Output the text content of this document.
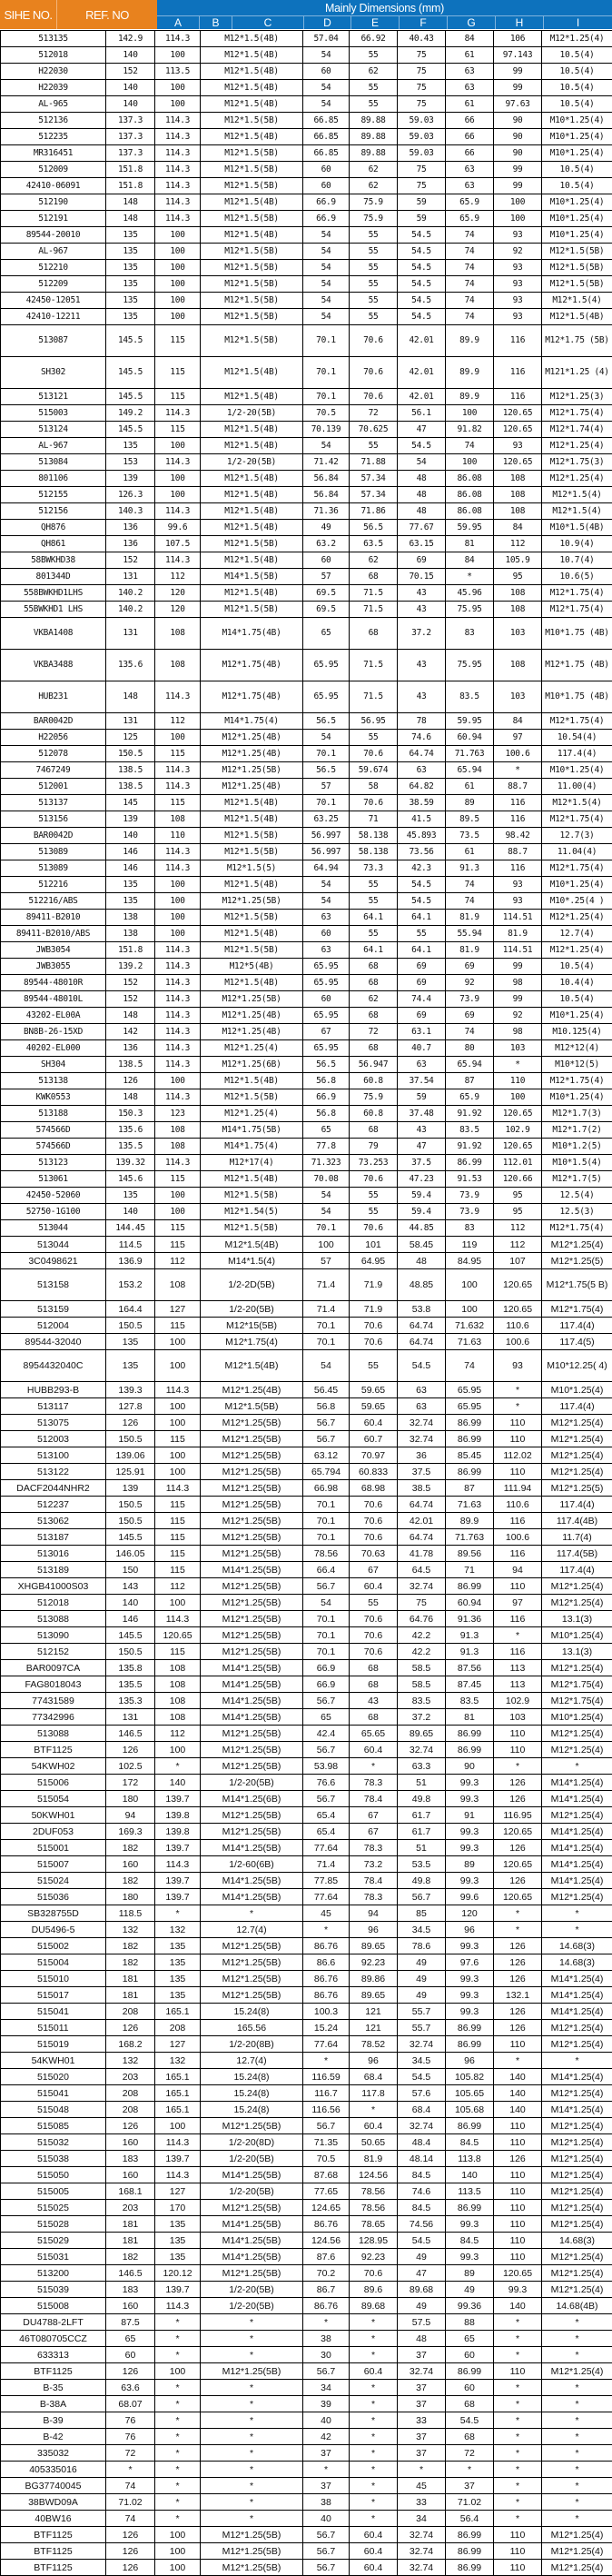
SIHE NO.	REF. NO	Mainly Dimensions (mm)
A	B	C	D	E	F	G	H	I
513135	142.9	114.3	M12*1.5(4B)	57.04	66.92	40.43	84	106	M12*1.25(4)
512018	140	100	M12*1.5(4B)	54	55	75	61	97.143	10.5(4)
H22030	152	113.5	M12*1.5(4B)	60	62	75	63	99	10.5(4)
H22039	140	100	M12*1.5(4B)	54	55	75	63	99	10.5(4)
AL-965	140	100	M12*1.5(4B)	54	55	75	61	97.63	10.5(4)
512136	137.3	114.3	M12*1.5(5B)	66.85	89.88	59.03	66	90	M10*1.25(4)
512235	137.3	114.3	M12*1.5(4B)	66.85	89.88	59.03	66	90	M10*1.25(4)
MR316451	137.3	114.3	M12*1.5(5B)	66.85	89.88	59.03	66	90	M10*1.25(4)
512009	151.8	114.3	M12*1.5(5B)	60	62	75	63	99	10.5(4)
42410-06091	151.8	114.3	M12*1.5(5B)	60	62	75	63	99	10.5(4)
512190	148	114.3	M12*1.5(4B)	66.9	75.9	59	65.9	100	M10*1.25(4)
512191	148	114.3	M12*1.5(5B)	66.9	75.9	59	65.9	100	M10*1.25(4)
89544-20010	135	100	M12*1.5(4B)	54	55	54.5	74	93	M10*1.25(4)
AL-967	135	100	M12*1.5(5B)	54	55	54.5	74	92	M12*1.5(5B)
512210	135	100	M12*1.5(5B)	54	55	54.5	74	93	M12*1.5(5B)
512209	135	100	M12*1.5(5B)	54	55	54.5	74	93	M12*1.5(5B)
42450-12051	135	100	M12*1.5(5B)	54	55	54.5	74	93	M12*1.5(4)
42410-12211	135	100	M12*1.5(5B)	54	55	54.5	74	93	M12*1.5(4B)
513087	145.5	115	M12*1.5(5B)	70.1	70.6	42.01	89.9	116	M12*1.75 (5B)
SH302	145.5	115	M12*1.5(4B)	70.1	70.6	42.01	89.9	116	M121*1.25 (4)
513121	145.5	115	M12*1.5(4B)	70.1	70.6	42.01	89.9	116	M12*1.25(3)
515003	149.2	114.3	1/2-20(5B)	70.5	72	56.1	100	120.65	M12*1.75(4)
513124	145.5	115	M12*1.5(4B)	70.139	70.625	47	91.82	120.65	M12*1.74(4)
AL-967	135	100	M12*1.5(4B)	54	55	54.5	74	93	M12*1.25(4)
513084	153	114.3	1/2-20(5B)	71.42	71.88	54	100	120.65	M12*1.75(3)
801106	139	100	M12*1.5(4B)	56.84	57.34	48	86.08	108	M12*1.25(4)
512155	126.3	100	M12*1.5(4B)	56.84	57.34	48	86.08	108	M12*1.5(4)
512156	140.3	114.3	M12*1.5(4B)	71.36	71.86	48	86.08	108	M12*1.5(4)
QH876	136	99.6	M12*1.5(4B)	49	56.5	77.67	59.95	84	M10*1.5(4B)
QH861	136	107.5	M12*1.5(5B)	63.2	63.5	63.15	81	112	10.9(4)
58BWKHD38	152	114.3	M12*1.5(4B)	60	62	69	84	105.9	10.7(4)
801344D	131	112	M14*1.5(5B)	57	68	70.15	*	95	10.6(5)
558BWKHD1LHS	140.2	120	M12*1.5(4B)	69.5	71.5	43	45.96	108	M12*1.75(4)
55BWKHD1 LHS	140.2	120	M12*1.5(5B)	69.5	71.5	43	75.95	108	M12*1.75(4)
VKBA1408	131	108	M14*1.75(4B)	65	68	37.2	83	103	M10*1.75 (4B)
VKBA3488	135.6	108	M12*1.75(4B)	65.95	71.5	43	75.95	108	M12*1.75 (4B)
HUB231	148	114.3	M12*1.75(4B)	65.95	71.5	43	83.5	103	M10*1.75 (4B)
BAR0042D	131	112	M14*1.75(4)	56.5	56.95	78	59.95	84	M12*1.75(4)
H22056	125	100	M12*1.25(4B)	54	55	74.6	60.94	97	10.54(4)
512078	150.5	115	M12*1.25(4B)	70.1	70.6	64.74	71.763	100.6	117.4(4)
7467249	138.5	114.3	M12*1.25(5B)	56.5	59.674	63	65.94	*	M10*1.25(4)
512001	138.5	114.3	M12*1.25(4B)	57	58	64.82	61	88.7	11.00(4)
513137	145	115	M12*1.5(4B)	70.1	70.6	38.59	89	116	M12*1.5(4)
513156	139	108	M12*1.5(4B)	63.25	71	41.5	89.5	116	M12*1.75(4)
BAR0042D	140	110	M12*1.5(5B)	56.997	58.138	45.893	73.5	98.42	12.7(3)
513089	146	114.3	M12*1.5(5B)	56.997	58.138	73.56	61	88.7	11.04(4)
513089	146	114.3	M12*1.5(5)	64.94	73.3	42.3	91.3	116	M12*1.75(4)
512216	135	100	M12*1.5(4B)	54	55	54.5	74	93	M10*1.25(4)
512216/ABS	135	100	M12*1.25(5B)	54	55	54.5	74	93	M10*.25(4 )
89411-B2010	138	100	M12*1.5(5B)	63	64.1	64.1	81.9	114.51	M12*1.25(4)
89411-B2010/ABS	138	100	M12*1.5(4B)	60	55	55	55.94	81.9	12.7(4)
JWB3054	151.8	114.3	M12*1.5(5B)	63	64.1	64.1	81.9	114.51	M12*1.25(4)
JWB3055	139.2	114.3	M12*5(4B)	65.95	68	69	69	99	10.5(4)
89544-48010R	152	114.3	M12*1.5(4B)	65.95	68	69	92	98	10.4(4)
89544-48010L	152	114.3	M12*1.25(5B)	60	62	74.4	73.9	99	10.5(4)
43202-EL00A	148	114.3	M12*1.25(4B)	65.95	68	69	69	92	M10*1.25(4)
BN8B-26-15XD	142	114.3	M12*1.25(4B)	67	72	63.1	74	98	M10.125(4)
40202-EL000	136	114.3	M12*1.25(4)	65.95	68	40.7	80	103	M12*12(4)
SH304	138.5	114.3	M12*1.25(6B)	56.5	56.947	63	65.94	*	M10*12(5)
513138	126	100	M12*1.5(4B)	56.8	60.8	37.54	87	110	M12*1.75(4)
KWK0553	148	114.3	M12*1.5(5B)	66.9	75.9	59	65.9	100	M10*1.25(4)
513188	150.3	123	M12*1.25(4)	56.8	60.8	37.48	91.92	120.65	M12*1.7(3)
574566D	135.6	108	M14*1.75(5B)	65	68	43	83.5	102.9	M12*1.7(2)
574566D	135.5	108	M14*1.75(4)	77.8	79	47	91.92	120.65	M10*1.2(5)
513123	139.32	114.3	M12*17(4)	71.323	73.253	37.5	86.99	112.01	M10*1.5(4)
513061	145.6	115	M12*1.5(4B)	70.08	70.6	47.23	91.53	120.66	M12*1.7(5)
42450-52060	135	100	M12*1.5(5B)	54	55	59.4	73.9	95	12.5(4)
52750-1G100	140	100	M12*1.54(5)	54	55	59.4	73.9	95	12.5(3)
513044	144.45	115	M12*1.5(5B)	70.1	70.6	44.85	83	112	M12*1.75(4)
513044	114.5	115	M12*1.5(4B)	100	101	58.45	119	112	M12*1.25(4)
3C0498621	136.9	112	M14*1.5(4)	57	64.95	48	84.95	107	M12*1.25(5)
513158	153.2	108	1/2-2D(5B)	71.4	71.9	48.85	100	120.65	M12*1.75(5 B)
513159	164.4	127	1/2-20(5B)	71.4	71.9	53.8	100	120.65	M12*1.75(4)
512004	150.5	115	M12*15(5B)	70.1	70.6	64.74	71.632	110.6	117.4(4)
89544-32040	135	100	M12*1.75(4)	70.1	70.6	64.74	71.63	100.6	117.4(5)
8954432040C	135	100	M12*1.5(4B)	54	55	54.5	74	93	M10*12.25( 4)
HUBB293-B	139.3	114.3	M12*1.25(4B)	56.45	59.65	63	65.95	*	M10*1.25(4)
513117	127.8	100	M12*1.5(5B)	56.8	59.65	63	65.95	*	117.4(4)
513075	126	100	M12*1.25(5B)	56.7	60.4	32.74	86.99	110	M12*1.25(4)
512003	150.5	115	M12*1.25(5B)	56.7	60.7	32.74	86.99	110	M12*1.25(4)
513100	139.06	100	M12*1.25(5B)	63.12	70.97	36	85.45	112.02	M12*1.25(4)
513122	125.91	100	M12*1.25(5B)	65.794	60.833	37.5	86.99	110	M12*1.25(4)
DACF2044NHR2	139	114.3	M12*1.25(5B)	66.98	68.98	38.5	87	111.94	M12*1.25(5)
512237	150.5	115	M12*1.25(5B)	70.1	70.6	64.74	71.63	110.6	117.4(4)
513062	150.5	115	M12*1.25(5B)	70.1	70.6	42.01	89.9	116	117.4(4B)
513187	145.5	115	M12*1.25(5B)	70.1	70.6	64.74	71.763	100.6	11.7(4)
513016	146.05	115	M12*1.25(5B)	78.56	70.63	41.78	89.56	116	117.4(5B)
513189	150	115	M14*1.25(5B)	66.4	67	64.5	71	94	117.4(4)
XHGB41000S03	143	112	M12*1.25(5B)	56.7	60.4	32.74	86.99	110	M12*1.25(4)
512018	140	100	M12*1.25(5B)	54	55	75	60.94	97	M12*1.25(4)
513088	146	114.3	M12*1.25(5B)	70.1	70.6	64.76	91.36	116	13.1(3)
513090	145.5	120.65	M12*1.25(5B)	70.1	70.6	42.2	91.3	*	M10*1.25(4)
512152	150.5	115	M12*1.25(5B)	70.1	70.6	42.2	91.3	116	13.1(3)
BAR0097CA	135.8	108	M14*1.25(5B)	66.9	68	58.5	87.56	113	M12*1.25(4)
FAG8018043	135.5	108	M14*1.25(5B)	66.9	68	58.5	87.45	113	M12*1.75(4)
77431589	135.3	108	M14*1.25(5B)	56.7	43	83.5	83.5	102.9	M12*1.75(4)
77342996	131	108	M14*1.25(5B)	65	68	37.2	81	103	M10*1.25(4)
513088	146.5	112	M12*1.25(5B)	42.4	65.65	89.65	86.99	110	M12*1.25(4)
BTF1125	126	100	M12*1.25(5B)	56.7	60.4	32.74	86.99	110	M12*1.25(4)
54KWH02	102.5	*	M12*1.25(5B)	53.98	*	63.3	90	*	*
515006	172	140	1/2-20(5B)	76.6	78.3	51	99.3	126	M14*1.25(4)
515054	180	139.7	M14*1.25(6B)	56.7	78.4	49.8	99.3	126	M14*1.25(4)
50KWH01	94	139.8	M12*1.25(5B)	65.4	67	61.7	91	116.95	M12*1.25(4)
2DUF053	169.3	139.8	M12*1.25(5B)	65.4	67	61.7	99.3	120.65	M14*1.25(4)
515001	182	139.7	M14*1.25(5B)	77.64	78.3	51	99.3	126	M14*1.25(4)
515007	160	114.3	1/2-60(6B)	71.4	73.2	53.5	89	120.65	M14*1.25(4)
515024	182	139.7	M14*1.25(5B)	77.85	78.4	49.8	99.3	126	M14*1.25(4)
515036	180	139.7	M14*1.25(5B)	77.64	78.3	56.7	99.6	120.65	M12*1.25(4)
SB328755D	118.5	*	*	45	94	85	120	*	*
DU5496-5	132	132	12.7(4)	*	96	34.5	96	*	*
515002	182	135	M12*1.25(5B)	86.76	89.65	78.6	99.3	126	14.68(3)
515004	182	135	M12*1.25(5B)	86.6	92.23	49	97.6	126	14.68(3)
515010	181	135	M12*1.25(5B)	86.76	89.86	49	99.3	126	M14*1.25(4)
515017	181	135	M12*1.25(5B)	86.76	89.65	49	99.3	132.1	M14*1.25(4)
515041	208	165.1	15.24(8)	100.3	121	55.7	99.3	126	M14*1.25(4)
515011	126	208	165.56	15.24	121	55.7	86.99	126	M12*1.25(4)
515019	168.2	127	1/2-20(8B)	77.64	78.52	32.74	86.99	110	M12*1.25(4)
54KWH01	132	132	12.7(4)	*	96	34.5	96	*	*
515020	203	165.1	15.24(8)	116.59	68.4	54.5	105.82	140	M14*1.25(4)
515041	208	165.1	15.24(8)	116.7	117.8	57.6	105.65	140	M12*1.25(4)
515048	208	165.1	15.24(8)	116.56	*	68.4	105.68	140	M14*1.25(4)
515085	126	100	M12*1.25(5B)	56.7	60.4	32.74	86.99	110	M12*1.25(4)
515032	160	114.3	1/2-20(8D)	71.35	50.65	48.4	84.5	110	M12*1.25(4)
515038	183	139.7	1/2-20(5B)	70.5	81.9	48.14	113.8	126	M12*1.25(4)
515050	160	114.3	M14*1.25(5B)	87.68	124.56	84.5	140	110	M12*1.25(4)
515005	168.1	127	1/2-20(5B)	77.65	78.56	74.6	113.5	110	M12*1.25(4)
515025	203	170	M12*1.25(5B)	124.65	78.56	84.5	86.99	110	M12*1.25(4)
515028	181	135	M14*1.25(5B)	86.76	78.65	74.56	99.3	110	M12*1.25(4)
515029	181	135	M14*1.25(5B)	124.56	128.95	54.5	84.5	110	14.68(3)
515031	182	135	M14*1.25(5B)	87.6	92.23	49	99.3	110	M12*1.25(4)
513200	146.5	120.12	M12*1.25(5B)	70.2	70.6	47	89	120.65	M12*1.25(4)
515039	183	139.7	1/2-20(5B)	86.7	89.6	89.68	49	99.3	M12*1.25(4)
515008	160	114.3	1/2-20(5B)	86.76	89.68	49	99.36	140	14.68(4B)
DU4788-2LFT	87.5	*	*	*	*	57.5	88	*	*
46T080705CCZ	65	*	*	38	*	48	65	*	*
633313	60	*	*	30	*	37	60	*	*
BTF1125	126	100	M12*1.25(5B)	56.7	60.4	32.74	86.99	110	M12*1.25(4)
B-35	63.6	*	*	34	*	37	60	*	*
B-38A	68.07	*	*	39	*	37	68	*	*
B-39	76	*	*	40	*	33	54.5	*	*
B-42	76	*	*	42	*	37	68	*	*
335032	72	*	*	37	*	37	72	*	*
405335016	*	*	*	*	*	*	*	*	*
BG37740045	74	*	*	37	*	45	37	*	*
38BWD09A	71.02	*	*	38	*	33	71.02	*	*
40BW16	74	*	*	40	*	34	56.4	*	*
BTF1125	126	100	M12*1.25(5B)	56.7	60.4	32.74	86.99	110	M12*1.25(4)
BTF1125	126	100	M12*1.25(5B)	56.7	60.4	32.74	86.99	110	M12*1.25(4)
BTF1125	126	100	M12*1.25(5B)	56.7	60.4	32.74	86.99	110	M12*1.25(4)
